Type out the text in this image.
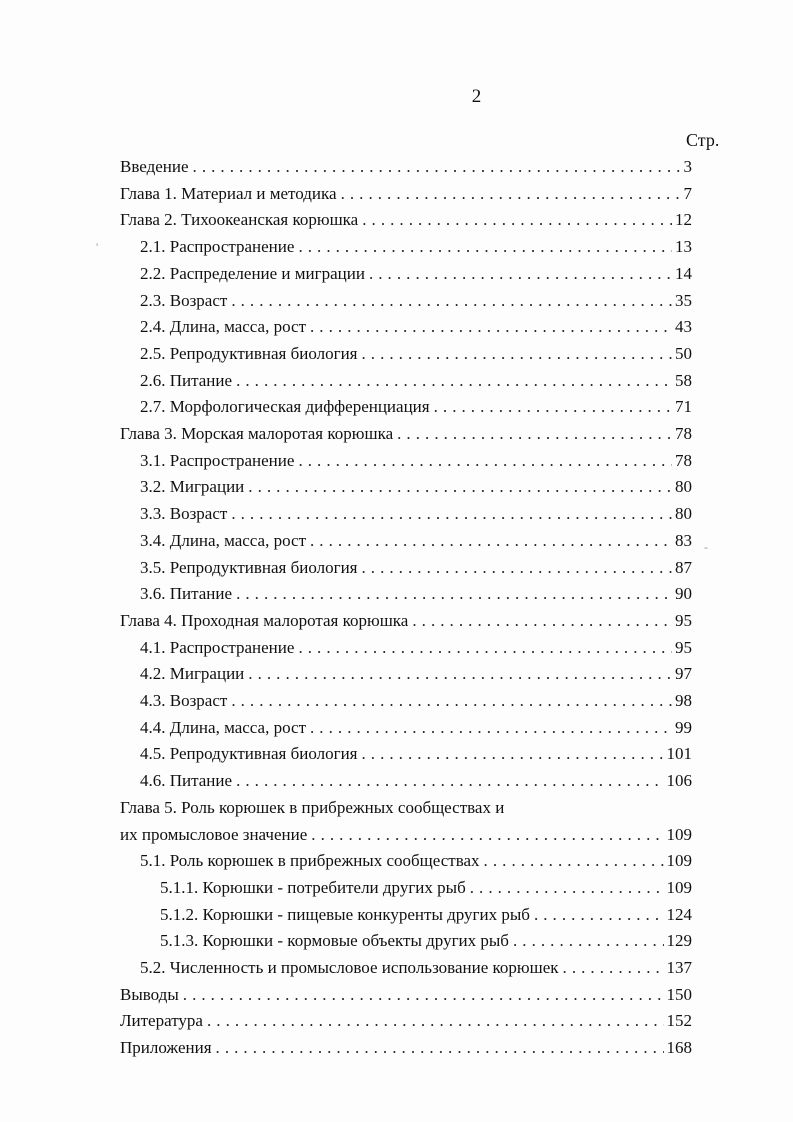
2
Стр.
Введение . . .	3
Глава 1. Материал и методика . . .	7
Глава 2. Тихоокеанская корюшка . . .	12
2.1. Распространение . . .	13
2.2. Распределение и миграции . . .	14
2.3. Возраст . . .	35
2.4. Длина, масса, рост . . .	43
2.5. Репродуктивная биология . . .	50
2.6. Питание . . .	58
2.7. Морфологическая дифференциация . . .	71
Глава 3. Морская малоротая корюшка . . .	78
3.1. Распространение . . .	78
3.2. Миграции . . .	80
3.3. Возраст . . .	80
3.4. Длина, масса, рост . . .	83
3.5. Репродуктивная биология . . .	87
3.6. Питание . . .	90
Глава 4. Проходная малоротая корюшка . . .	95
4.1. Распространение . . .	95
4.2. Миграции . . .	97
4.3. Возраст . . .	98
4.4. Длина, масса, рост . . .	99
4.5. Репродуктивная биология . . .	101
4.6. Питание . . .	106
Глава 5. Роль корюшек в прибрежных сообществах и
их промысловое значение . . .	109
5.1. Роль корюшек в прибрежных сообществах . . .	109
5.1.1. Корюшки - потребители других рыб . . .	109
5.1.2. Корюшки - пищевые конкуренты других рыб . . .	124
5.1.3. Корюшки - кормовые объекты других рыб . . .	129
5.2. Численность и промысловое использование корюшек . . .	137
Выводы . . .	150
Литература . . .	152
Приложения . . .	168
-
'
